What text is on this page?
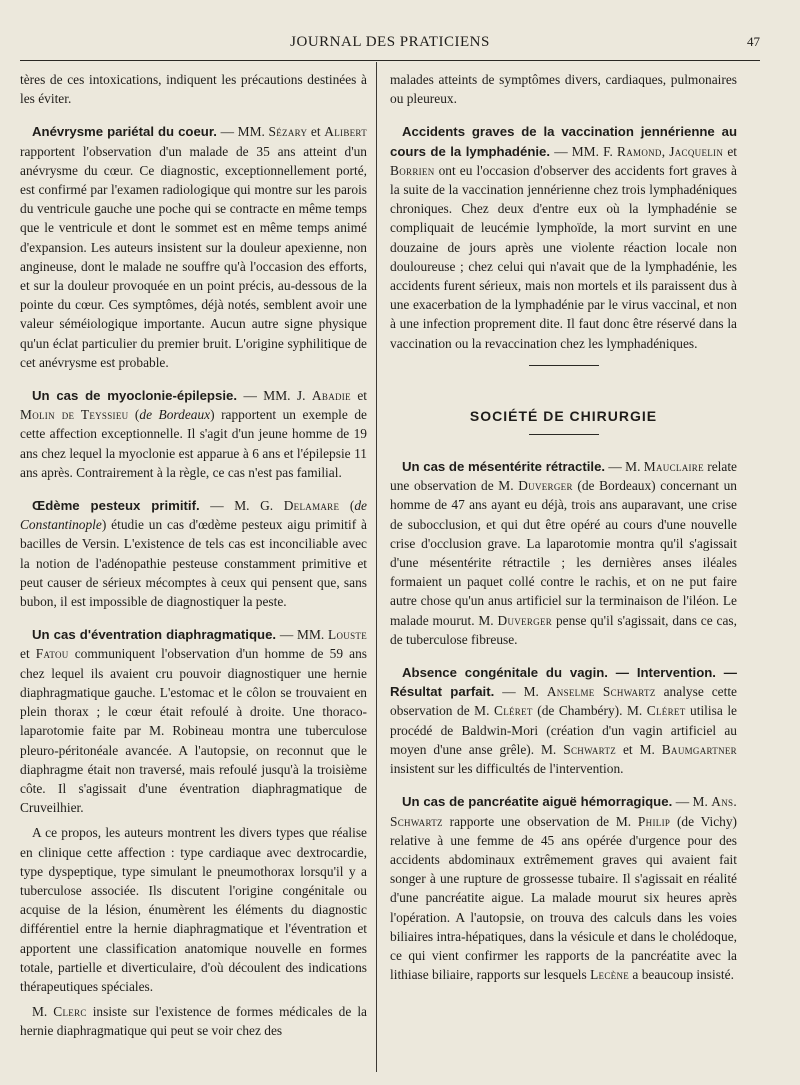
JOURNAL DES PRATICIENS	47

tères de ces intoxications, indiquent les précautions destinées à les éviter.

Anévrysme pariétal du coeur. — MM. Sézary et Alibert rapportent l'observation d'un malade de 35 ans atteint d'un anévrysme du cœur. Ce diagnostic, exceptionnellement porté, est confirmé par l'examen radiologique qui montre sur les parois du ventricule gauche une poche qui se contracte en même temps que le ventricule et dont le sommet est en même temps animé d'expansion. Les auteurs insistent sur la douleur apexienne, non angineuse, dont le malade ne souffre qu'à l'occasion des efforts, et sur la douleur provoquée en un point précis, au-dessous de la pointe du cœur. Ces symptômes, déjà notés, semblent avoir une valeur séméiologique importante. Aucun autre signe physique qu'un éclat particulier du premier bruit. L'origine syphilitique de cet anévrysme est probable.

Un cas de myoclonie-épilepsie. — MM. J. Abadie et Molin de Teyssieu (de Bordeaux) rapportent un exemple de cette affection exceptionnelle. Il s'agit d'un jeune homme de 19 ans chez lequel la myoclonie est apparue à 6 ans et l'épilepsie 11 ans après. Contrairement à la règle, ce cas n'est pas familial.

Œdème pesteux primitif. — M. G. Delamare (de Constantinople) étudie un cas d'œdème pesteux aigu primitif à bacilles de Versin. L'existence de tels cas est inconciliable avec la notion de l'adénopathie pesteuse constamment primitive et peut causer de sérieux mécomptes à ceux qui pensent que, sans bubon, il est impossible de diagnostiquer la peste.

Un cas d'éventration diaphragmatique. — MM. Louste et Fatou communiquent l'observation d'un homme de 59 ans chez lequel ils avaient cru pouvoir diagnostiquer une hernie diaphragmatique gauche. L'estomac et le côlon se trouvaient en plein thorax ; le cœur était refoulé à droite. Une thoraco-laparotomie faite par M. Robineau montra une tuberculose pleuro-péritonéale avancée. A l'autopsie, on reconnut que le diaphragme était non traversé, mais refoulé jusqu'à la troisième côte. Il s'agissait d'une éventration diaphragmatique de Cruveilhier.

A ce propos, les auteurs montrent les divers types que réalise en clinique cette affection : type cardiaque avec dextrocardie, type dyspeptique, type simulant le pneumothorax lorsqu'il y a tuberculose associée. Ils discutent l'origine congénitale ou acquise de la lésion, énumèrent les éléments du diagnostic différentiel entre la hernie diaphragmatique et l'éventration et apportent une classification anatomique nouvelle en formes totale, partielle et diverticulaire, d'où découlent des indications thérapeutiques spéciales.

M. Clerc insiste sur l'existence de formes médicales de la hernie diaphragmatique qui peut se voir chez des

malades atteints de symptômes divers, cardiaques, pulmonaires ou pleureux.

Accidents graves de la vaccination jennérienne au cours de la lymphadénie. — MM. F. Ramond, Jacquelin et Borrien ont eu l'occasion d'observer des accidents fort graves à la suite de la vaccination jennérienne chez trois lymphadéniques chroniques. Chez deux d'entre eux où la lymphadénie se compliquait de leucémie lymphoïde, la mort survint en une douzaine de jours après une violente réaction locale non douloureuse ; chez celui qui n'avait que de la lymphadénie, les accidents furent sérieux, mais non mortels et ils paraissent dus à une exacerbation de la lymphadénie par le virus vaccinal, et non à une infection proprement dite. Il faut donc être réservé dans la vaccination ou la revaccination chez les lymphadéniques.

SOCIÉTÉ DE CHIRURGIE

Un cas de mésentérite rétractile. — M. Mauclaire relate une observation de M. Duverger (de Bordeaux) concernant un homme de 47 ans ayant eu déjà, trois ans auparavant, une crise de subocclusion, et qui dut être opéré au cours d'une nouvelle crise d'occlusion grave. La laparotomie montra qu'il s'agissait d'une mésentérite rétractile ; les dernières anses iléales formaient un paquet collé contre le rachis, et on ne put faire autre chose qu'un anus artificiel sur la terminaison de l'iléon. Le malade mourut. M. Duverger pense qu'il s'agissait, dans ce cas, de tuberculose fibreuse.

Absence congénitale du vagin. — Intervention. — Résultat parfait. — M. Anselme Schwartz analyse cette observation de M. Cléret (de Chambéry). M. Cléret utilisa le procédé de Baldwin-Mori (création d'un vagin artificiel au moyen d'une anse grêle). M. Schwartz et M. Baumgartner insistent sur les difficultés de l'intervention.

Un cas de pancréatite aiguë hémorragique. — M. Ans. Schwartz rapporte une observation de M. Philip (de Vichy) relative à une femme de 45 ans opérée d'urgence pour des accidents abdominaux extrêmement graves qui avaient fait songer à une rupture de grossesse tubaire. Il s'agissait en réalité d'une pancréatite aigue. La malade mourut six heures après l'opération. A l'autopsie, on trouva des calculs dans les voies biliaires intra-hépatiques, dans la vésicule et dans le cholédoque, ce qui vient confirmer les rapports de la pancréatite avec la lithiase biliaire, rapports sur lesquels Lecène a beaucoup insisté.
